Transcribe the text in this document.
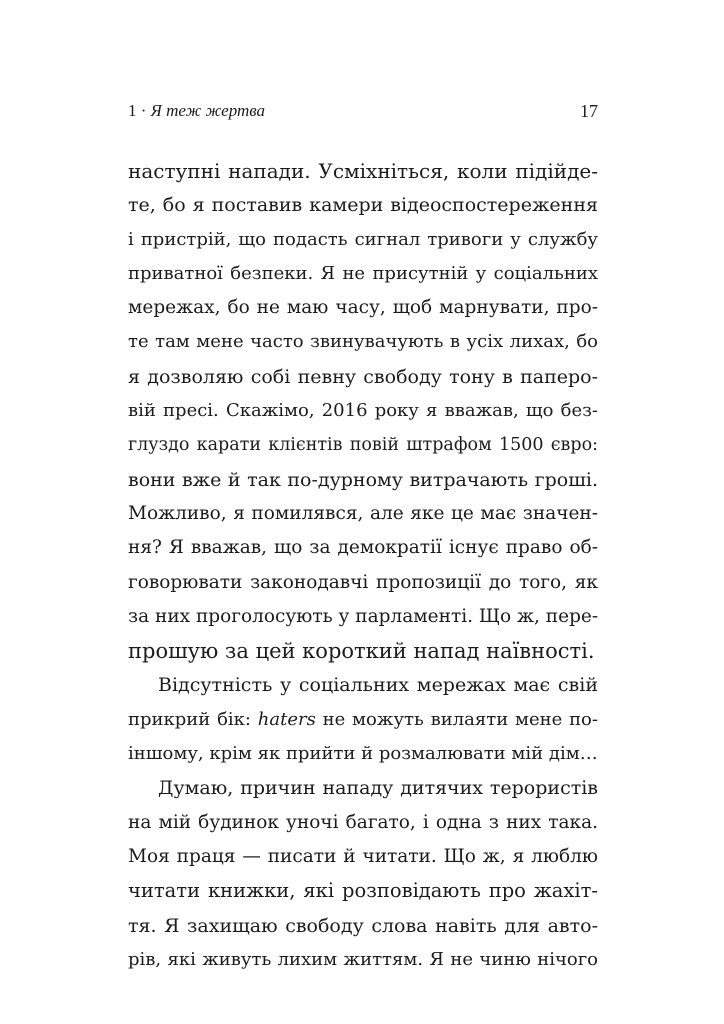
1 · Я теж жертва	17
наступні напади. Усміхніться, коли підійде-
те, бо я поставив камери відеоспостереження
і пристрій, що подасть сигнал тривоги у службу
приватної безпеки. Я не присутній у соціальних
мережах, бо не маю часу, щоб марнувати, про-
те там мене часто звинувачують в усіх лихах, бо
я дозволяю собі певну свободу тону в паперо-
вій пресі. Скажімо, 2016 року я вважав, що без-
глуздо карати клієнтів повій штрафом 1500 євро:
вони вже й так по-дурному витрачають гроші.
Можливо, я помилявся, але яке це має значен-
ня? Я вважав, що за демократії існує право об-
говорювати законодавчі пропозиції до того, як
за них проголосують у парламенті. Що ж, пере-
прошую за цей короткий напад наївності.
Відсутність у соціальних мережах має свій
прикрий бік: haters не можуть вилаяти мене по-
іншому, крім як прийти й розмалювати мій дім…
Думаю, причин нападу дитячих терористів
на мій будинок уночі багато, і одна з них така.
Моя праця — писати й читати. Що ж, я люблю
читати книжки, які розповідають про жахіт-
тя. Я захищаю свободу слова навіть для авто-
рів, які живуть лихим життям. Я не чиню нічого
